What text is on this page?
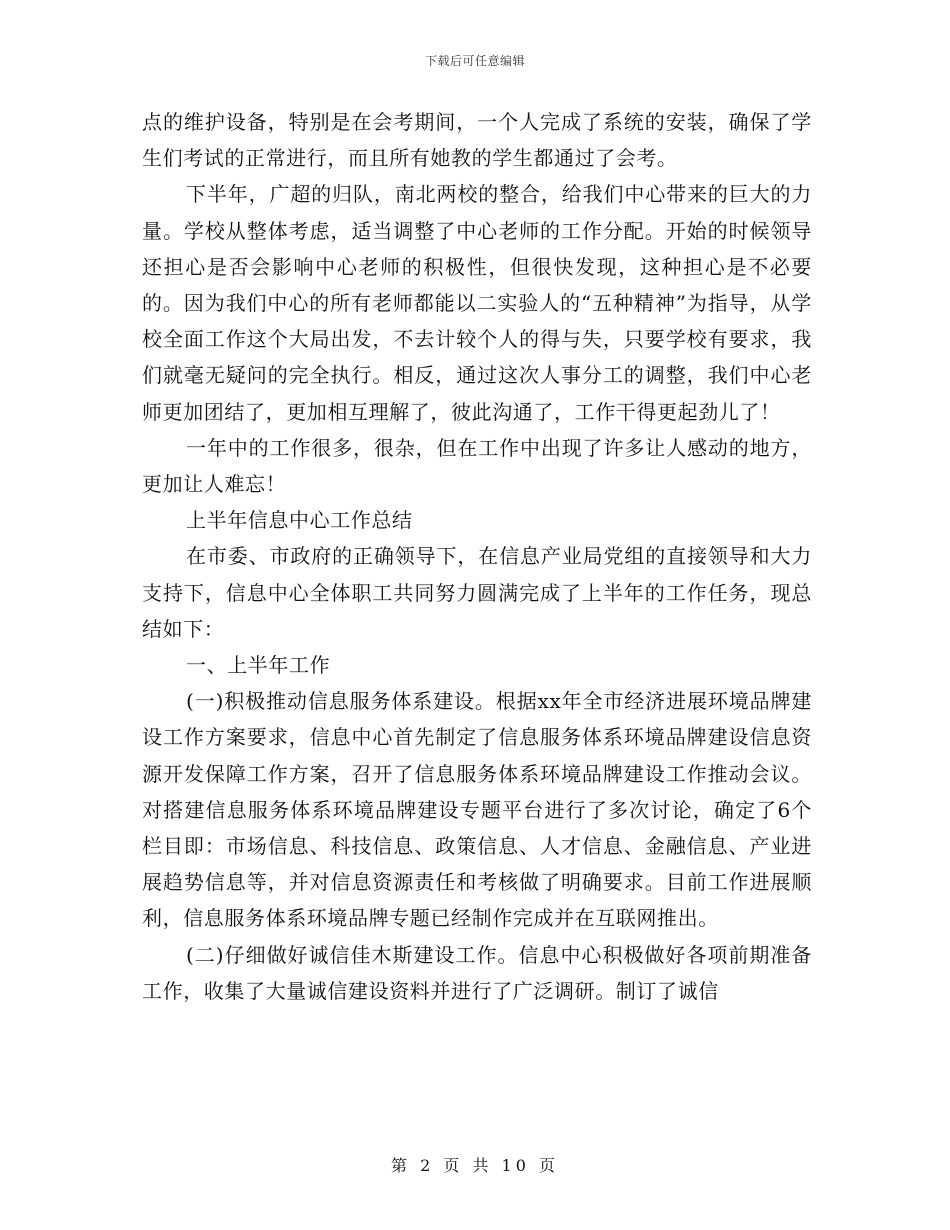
下载后可任意编辑

点的维护设备，特别是在会考期间，一个人完成了系统的安装，确保了学生们考试的正常进行，而且所有她教的学生都通过了会考。

下半年，广超的归队，南北两校的整合，给我们中心带来的巨大的力量。学校从整体考虑，适当调整了中心老师的工作分配。开始的时候领导还担心是否会影响中心老师的积极性，但很快发现，这种担心是不必要的。因为我们中心的所有老师都能以二实验人的“五种精神”为指导，从学校全面工作这个大局出发，不去计较个人的得与失，只要学校有要求，我们就毫无疑问的完全执行。相反，通过这次人事分工的调整，我们中心老师更加团结了，更加相互理解了，彼此沟通了，工作干得更起劲儿了！

一年中的工作很多，很杂，但在工作中出现了许多让人感动的地方，更加让人难忘！

上半年信息中心工作总结

在市委、市政府的正确领导下，在信息产业局党组的直接领导和大力支持下，信息中心全体职工共同努力圆满完成了上半年的工作任务，现总结如下：

一、上半年工作

(一)积极推动信息服务体系建设。根据xx年全市经济进展环境品牌建设工作方案要求，信息中心首先制定了信息服务体系环境品牌建设信息资源开发保障工作方案，召开了信息服务体系环境品牌建设工作推动会议。对搭建信息服务体系环境品牌建设专题平台进行了多次讨论，确定了6个栏目即：市场信息、科技信息、政策信息、人才信息、金融信息、产业进展趋势信息等，并对信息资源责任和考核做了明确要求。目前工作进展顺利，信息服务体系环境品牌专题已经制作完成并在互联网推出。

(二)仔细做好诚信佳木斯建设工作。信息中心积极做好各项前期准备工作，收集了大量诚信建设资料并进行了广泛调研。制订了诚信

第 2 页 共 10 页
